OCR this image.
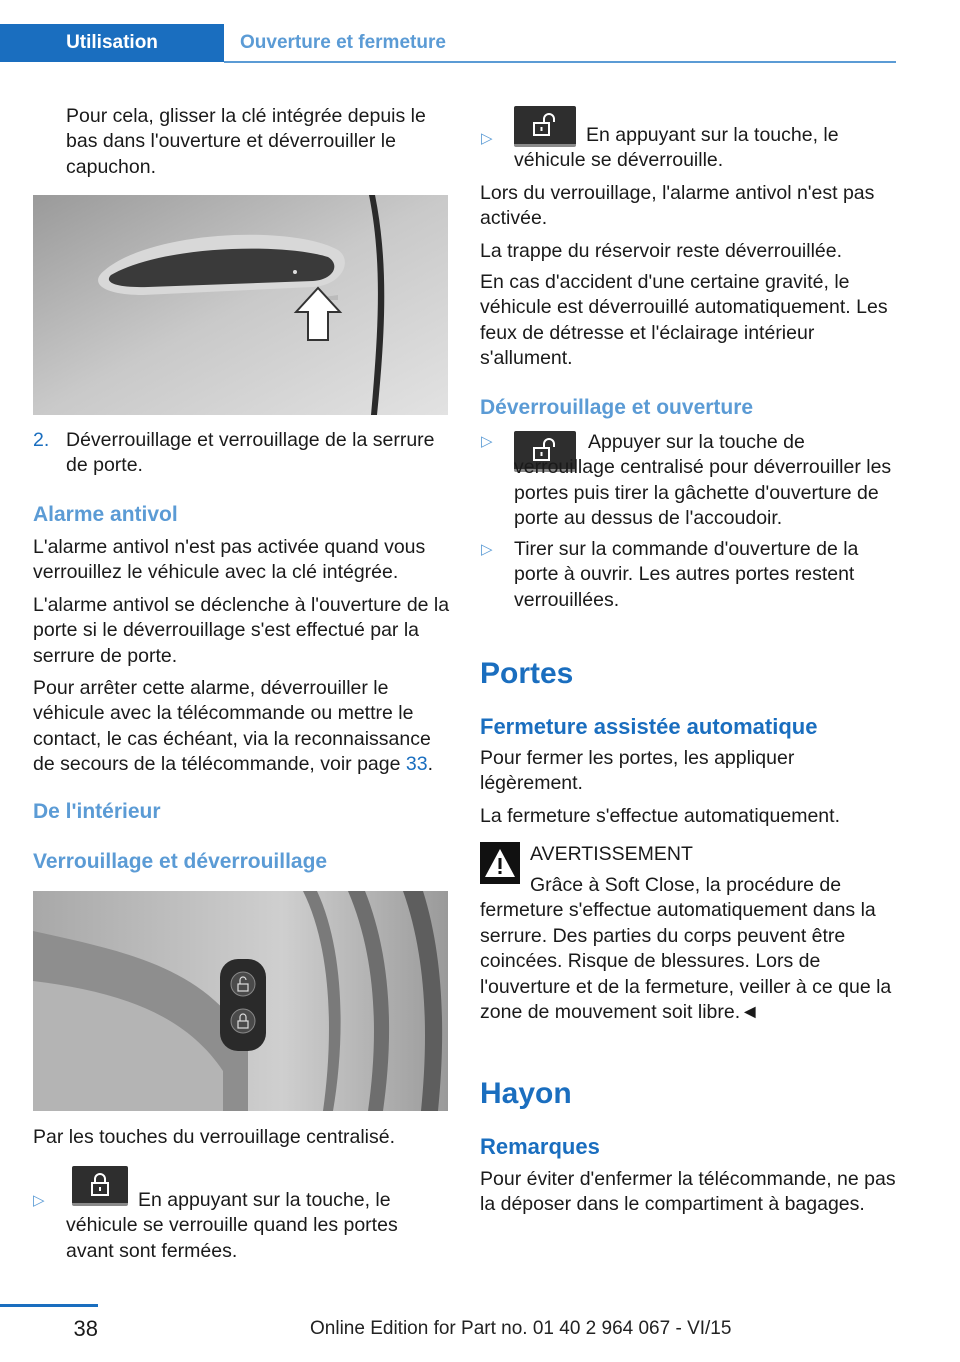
Utilisation	Ouverture et fermeture

Pour cela, glisser la clé intégrée depuis le bas dans l'ouverture et déverrouiller le capuchon.

2. Déverrouillage et verrouillage de la serrure de porte.

Alarme antivol

L'alarme antivol n'est pas activée quand vous verrouillez le véhicule avec la clé intégrée.

L'alarme antivol se déclenche à l'ouverture de la porte si le déverrouillage s'est effectué par la serrure de porte.

Pour arrêter cette alarme, déverrouiller le véhicule avec la télécommande ou mettre le contact, le cas échéant, via la reconnaissance de secours de la télécommande, voir page 33.

De l'intérieur
Verrouillage et déverrouillage

Par les touches du verrouillage centralisé.

▷	En appuyant sur la touche, le véhicule se verrouille quand les portes avant sont fermées.

▷	En appuyant sur la touche, le véhicule se déverrouille.

Lors du verrouillage, l'alarme antivol n'est pas activée.

La trappe du réservoir reste déverrouillée.

En cas d'accident d'une certaine gravité, le véhicule est déverrouillé automatiquement. Les feux de détresse et l'éclairage intérieur s'allument.

Déverrouillage et ouverture
▷	Appuyer sur la touche de verrouillage centralisé pour déverrouiller les portes puis tirer la gâchette d'ouverture de porte au dessus de l'accoudoir.

▷ Tirer sur la commande d'ouverture de la porte à ouvrir. Les autres portes restent verrouillées.

Portes
Fermeture assistée automatique

Pour fermer les portes, les appliquer légèrement.

La fermeture s'effectue automatiquement.

AVERTISSEMENT

Grâce à Soft Close, la procédure de fermeture s'effectue automatiquement dans la serrure. Des parties du corps peuvent être coincées. Risque de blessures. Lors de l'ouverture et de la fermeture, veiller à ce que la zone de mouvement soit libre.◄

Hayon
Remarques

Pour éviter d'enfermer la télécommande, ne pas la déposer dans le compartiment à bagages.

38	Online Edition for Part no. 01 40 2 964 067 - VI/15
